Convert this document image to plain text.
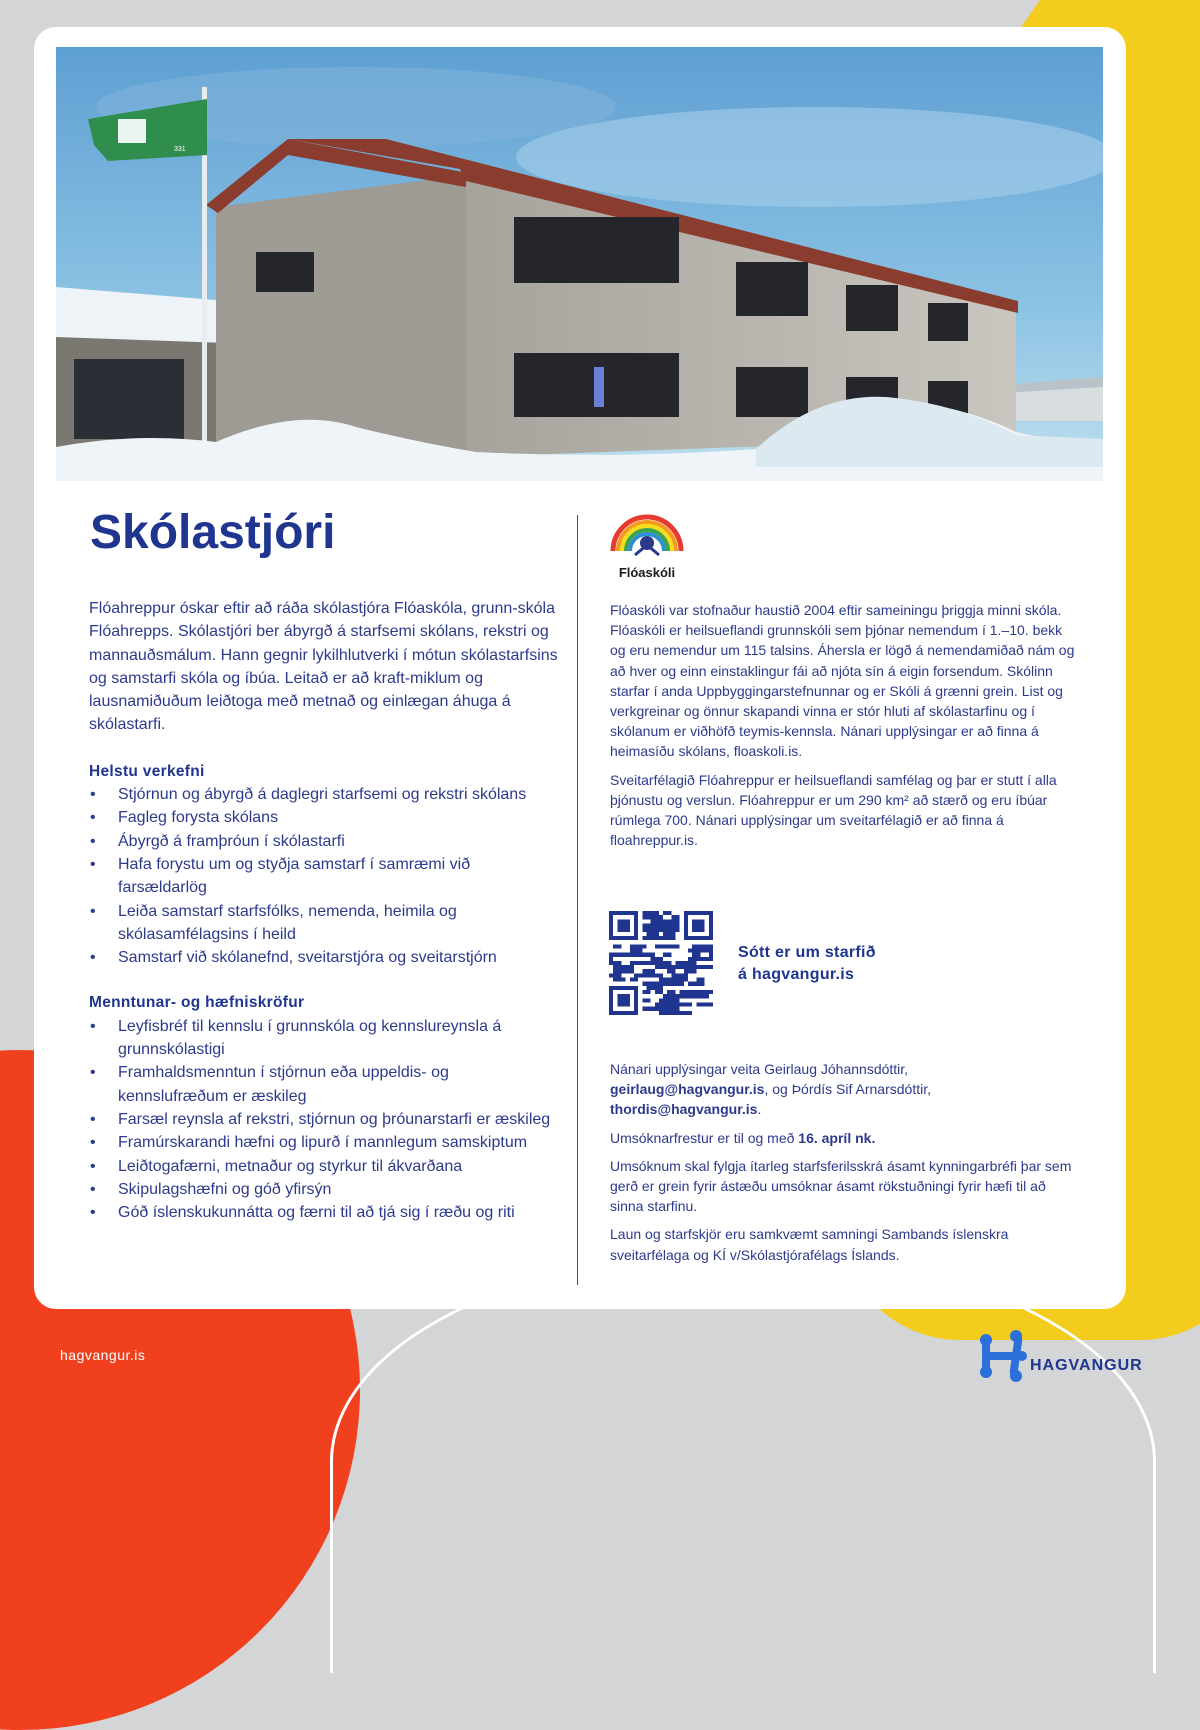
331
Skólastjóri

Flóahreppur óskar eftir að ráða skólastjóra Flóaskóla, grunn-skóla Flóahrepps. Skólastjóri ber ábyrgð á starfsemi skólans, rekstri og mannauðsmálum. Hann gegnir lykilhlutverki í mótun skólastarfsins og samstarfi skóla og íbúa. Leitað er að kraft-miklum og lausnamiðuðum leiðtoga með metnað og einlægan áhuga á skólastarfi.

Helstu verkefni
• Stjórnun og ábyrgð á daglegri starfsemi og rekstri skólans
• Fagleg forysta skólans
• Ábyrgð á framþróun í skólastarfi
• Hafa forystu um og styðja samstarf í samræmi við farsældarlög
• Leiða samstarf starfsfólks, nemenda, heimila og skólasamfélagsins í heild
• Samstarf við skólanefnd, sveitarstjóra og sveitarstjórn
Menntunar- og hæfniskröfur
• Leyfisbréf til kennslu í grunnskóla og kennslureynsla á grunnskólastigi
• Framhaldsmenntun í stjórnun eða uppeldis- og kennslufræðum er æskileg
• Farsæl reynsla af rekstri, stjórnun og þróunarstarfi er æskileg
• Framúrskarandi hæfni og lipurð í mannlegum samskiptum
• Leiðtogafærni, metnaður og styrkur til ákvarðana
• Skipulagshæfni og góð yfirsýn
• Góð íslenskukunnátta og færni til að tjá sig í ræðu og riti
Flóaskóli

Flóaskóli var stofnaður haustið 2004 eftir sameiningu þriggja minni skóla. Flóaskóli er heilsueflandi grunnskóli sem þjónar nemendum í 1.–10. bekk og eru nemendur um 115 talsins. Áhersla er lögð á nemendamiðað nám og að hver og einn einstaklingur fái að njóta sín á eigin forsendum. Skólinn starfar í anda Uppbyggingarstefnunnar og er Skóli á grænni grein. List og verkgreinar og önnur skapandi vinna er stór hluti af skólastarfinu og í skólanum er viðhöfð teymis-kennsla. Nánari upplýsingar er að finna á heimasíðu skólans, floaskoli.is.

Sveitarfélagið Flóahreppur er heilsueflandi samfélag og þar er stutt í alla þjónustu og verslun. Flóahreppur er um 290 km² að stærð og eru íbúar rúmlega 700. Nánari upplýsingar um sveitarfélagið er að finna á floahreppur.is.

Sótt er um starfið
á hagvangur.is

Nánari upplýsingar veita Geirlaug Jóhannsdóttir,
geirlaug@hagvangur.is, og Þórdís Sif Arnarsdóttir,
thordis@hagvangur.is.

Umsóknarfrestur er til og með 16. apríl nk.

Umsóknum skal fylgja ítarleg starfsferilsskrá ásamt kynningarbréfi þar sem gerð er grein fyrir ástæðu umsóknar ásamt rökstuðningi fyrir hæfi til að sinna starfinu.

Laun og starfskjör eru samkvæmt samningi Sambands íslenskra sveitarfélaga og KÍ v/Skólastjórafélags Íslands.

hagvangur.is
HAGVANGUR
